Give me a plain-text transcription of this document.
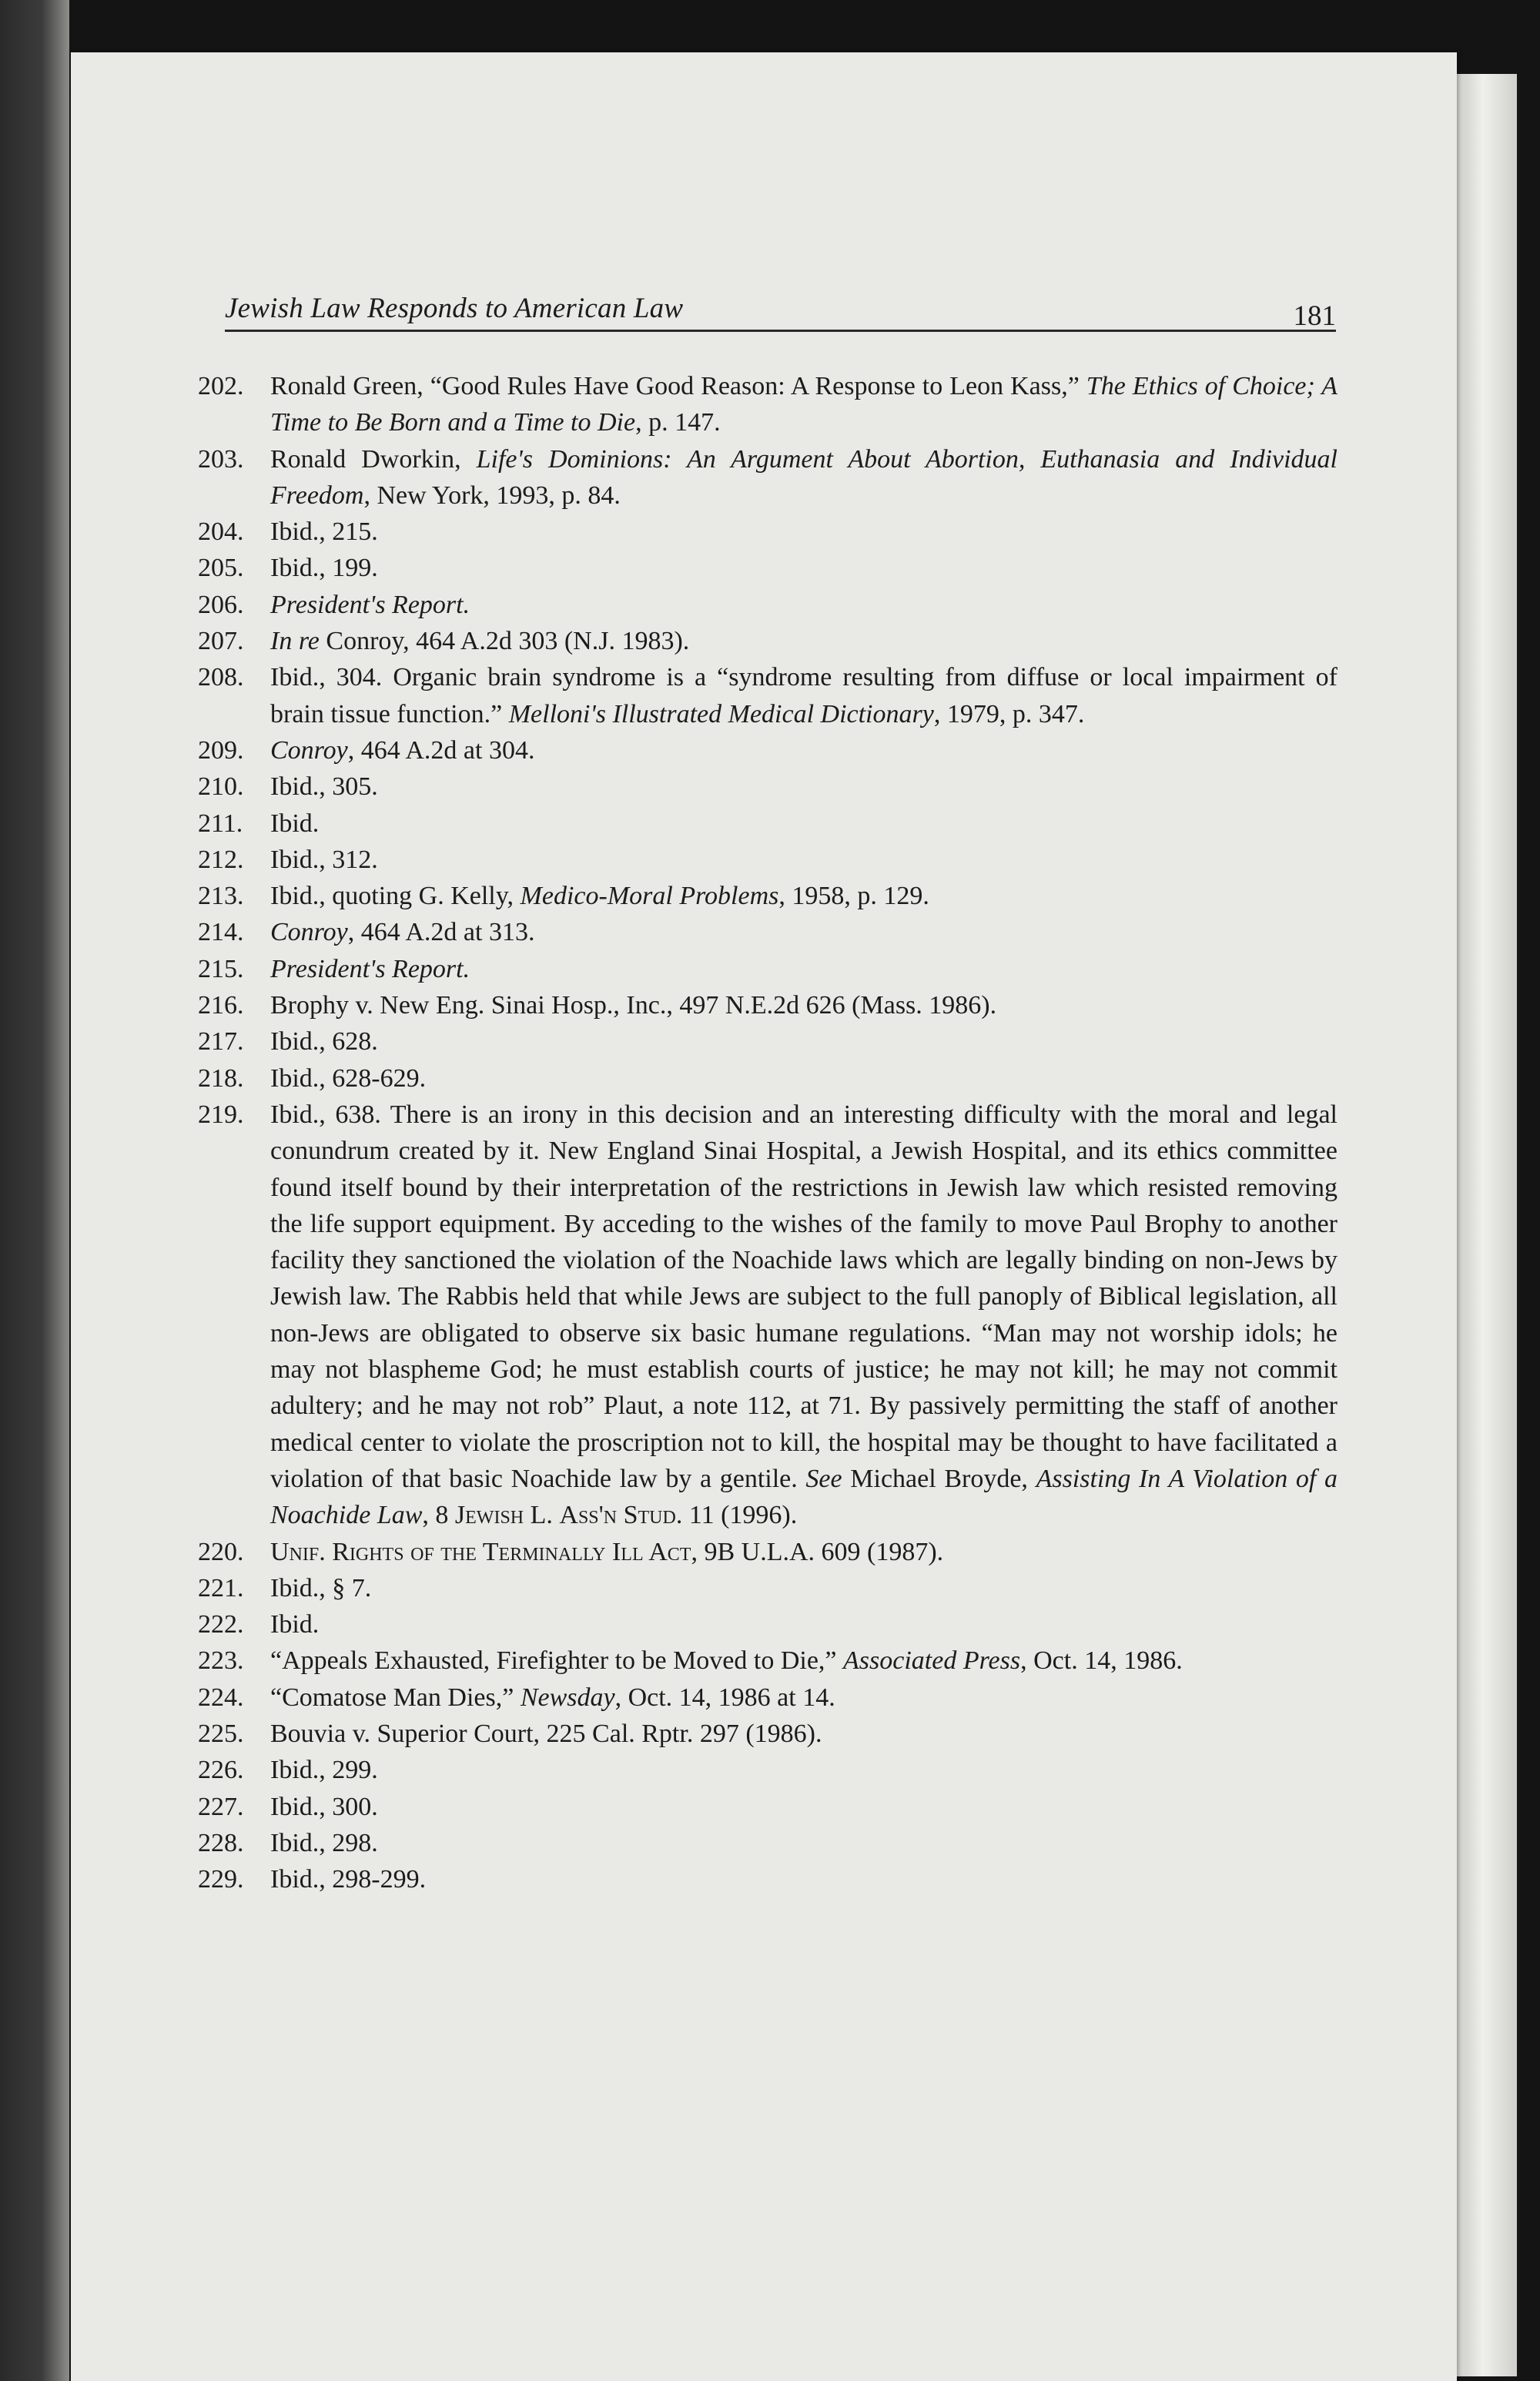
Jewish Law Responds to American Law	181
202.	Ronald Green, “Good Rules Have Good Reason: A Response to Leon Kass,” The Ethics of Choice; A Time to Be Born and a Time to Die, p. 147.
203.	Ronald Dworkin, Life's Dominions: An Argument About Abortion, Euthanasia and Individual Freedom, New York, 1993, p. 84.
204.	Ibid., 215.
205.	Ibid., 199.
206.	President's Report.
207.	In re Conroy, 464 A.2d 303 (N.J. 1983).
208.	Ibid., 304. Organic brain syndrome is a “syndrome resulting from diffuse or local impairment of brain tissue function.” Melloni's Illustrated Medical Dictionary, 1979, p. 347.
209.	Conroy, 464 A.2d at 304.
210.	Ibid., 305.
211.	Ibid.
212.	Ibid., 312.
213.	Ibid., quoting G. Kelly, Medico-Moral Problems, 1958, p. 129.
214.	Conroy, 464 A.2d at 313.
215.	President's Report.
216.	Brophy v. New Eng. Sinai Hosp., Inc., 497 N.E.2d 626 (Mass. 1986).
217.	Ibid., 628.
218.	Ibid., 628-629.
219.	Ibid., 638. There is an irony in this decision and an interesting difficulty with the moral and legal conundrum created by it. New England Sinai Hospital, a Jewish Hospital, and its ethics committee found itself bound by their interpretation of the restrictions in Jewish law which resisted removing the life support equipment. By acceding to the wishes of the family to move Paul Brophy to another facility they sanctioned the violation of the Noachide laws which are legally binding on non-Jews by Jewish law. The Rabbis held that while Jews are subject to the full panoply of Biblical legislation, all non-Jews are obligated to observe six basic humane regulations. “Man may not worship idols; he may not blaspheme God; he must establish courts of justice; he may not kill; he may not commit adultery; and he may not rob” Plaut, a note 112, at 71. By passively permitting the staff of another medical center to violate the proscription not to kill, the hospital may be thought to have facilitated a violation of that basic Noachide law by a gentile. See Michael Broyde, Assisting In A Violation of a Noachide Law, 8 Jewish L. Ass'n Stud. 11 (1996).
220.	Unif. Rights of the Terminally Ill Act, 9B U.L.A. 609 (1987).
221.	Ibid., § 7.
222.	Ibid.
223.	“Appeals Exhausted, Firefighter to be Moved to Die,” Associated Press, Oct. 14, 1986.
224.	“Comatose Man Dies,” Newsday, Oct. 14, 1986 at 14.
225.	Bouvia v. Superior Court, 225 Cal. Rptr. 297 (1986).
226.	Ibid., 299.
227.	Ibid., 300.
228.	Ibid., 298.
229.	Ibid., 298-299.
